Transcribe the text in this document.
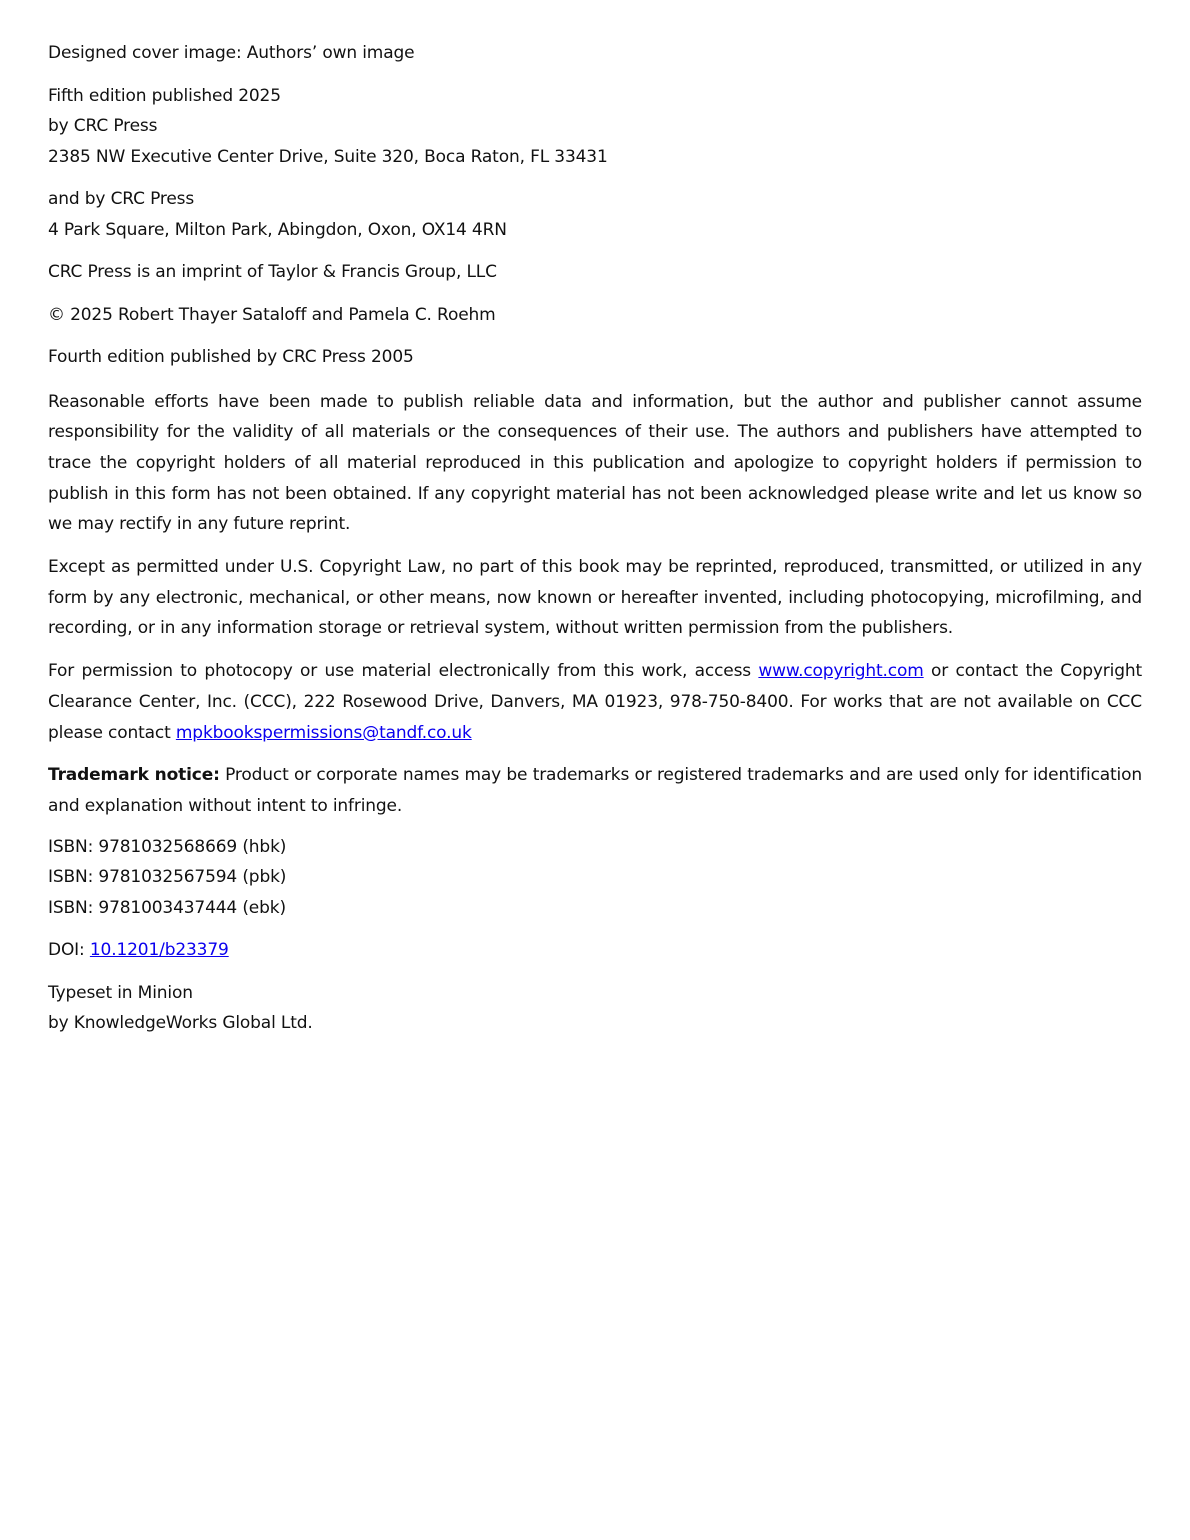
Designed cover image: Authors’ own image
Fifth edition published 2025
by CRC Press
2385 NW Executive Center Drive, Suite 320, Boca Raton, FL 33431
and by CRC Press
4 Park Square, Milton Park, Abingdon, Oxon, OX14 4RN
CRC Press is an imprint of Taylor & Francis Group, LLC
© 2025 Robert Thayer Sataloff and Pamela C. Roehm
Fourth edition published by CRC Press 2005

Reasonable efforts have been made to publish reliable data and information, but the author and publisher cannot assume responsibility for the validity of all materials or the consequences of their use. The authors and publishers have attempted to trace the copyright holders of all material reproduced in this publication and apologize to copyright holders if permission to publish in this form has not been obtained. If any copyright material has not been acknowledged please write and let us know so we may rectify in any future reprint.

Except as permitted under U.S. Copyright Law, no part of this book may be reprinted, reproduced, transmitted, or utilized in any form by any electronic, mechanical, or other means, now known or hereafter invented, including photocopying, microfilming, and recording, or in any information storage or retrieval system, without written permission from the publishers.

For permission to photocopy or use material electronically from this work, access www.copyright.com or contact the Copyright Clearance Center, Inc. (CCC), 222 Rosewood Drive, Danvers, MA 01923, 978-750-8400. For works that are not available on CCC please contact mpkbookspermissions@tandf.co.uk

Trademark notice: Product or corporate names may be trademarks or registered trademarks and are used only for identification and explanation without intent to infringe.

ISBN: 9781032568669 (hbk)
ISBN: 9781032567594 (pbk)
ISBN: 9781003437444 (ebk)
DOI: 10.1201/b23379
Typeset in Minion
by KnowledgeWorks Global Ltd.
